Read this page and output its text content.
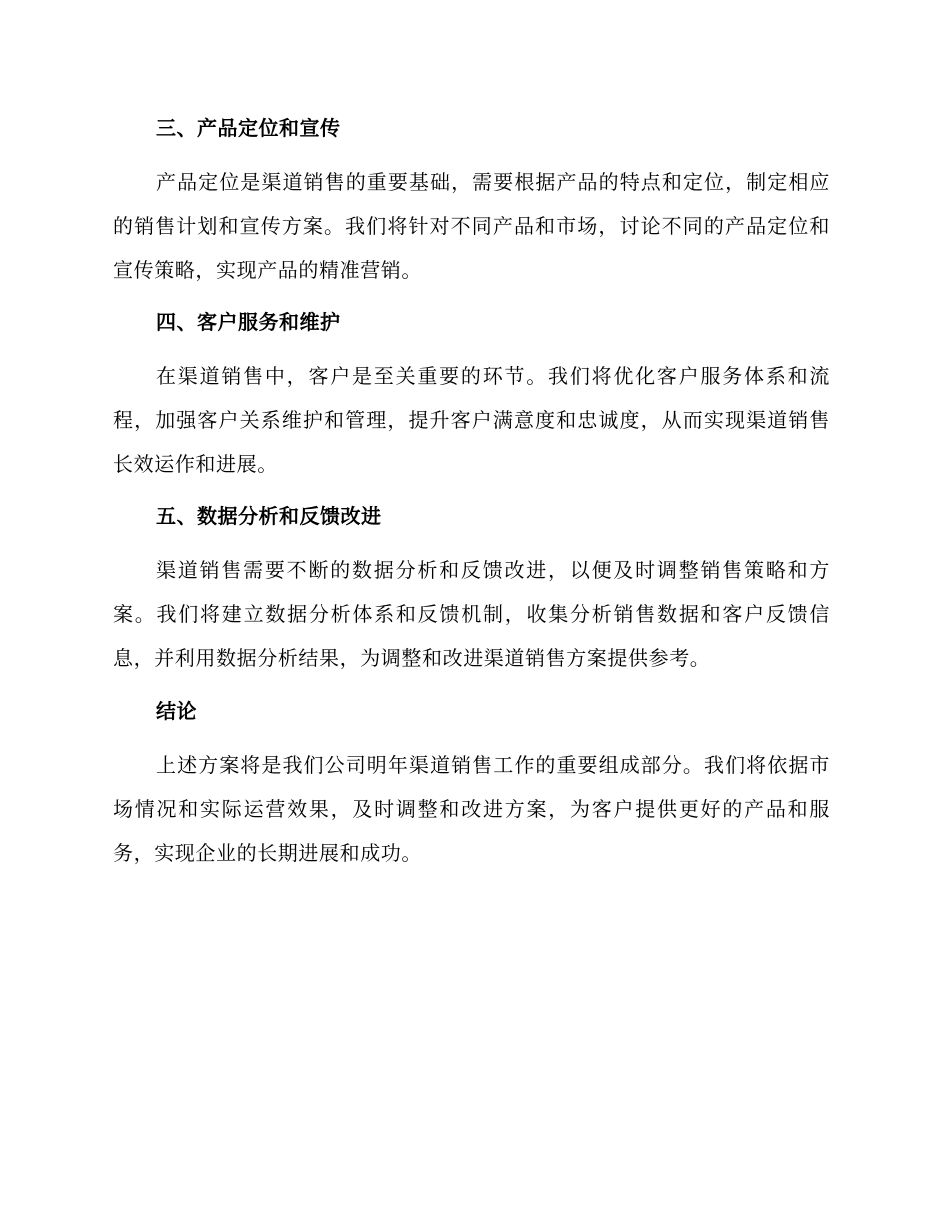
三、产品定位和宣传
产品定位是渠道销售的重要基础，需要根据产品的特点和定位，制定相应的销售计划和宣传方案。我们将针对不同产品和市场，讨论不同的产品定位和宣传策略，实现产品的精准营销。
四、客户服务和维护
在渠道销售中，客户是至关重要的环节。我们将优化客户服务体系和流程，加强客户关系维护和管理，提升客户满意度和忠诚度，从而实现渠道销售长效运作和进展。
五、数据分析和反馈改进
渠道销售需要不断的数据分析和反馈改进，以便及时调整销售策略和方案。我们将建立数据分析体系和反馈机制，收集分析销售数据和客户反馈信息，并利用数据分析结果，为调整和改进渠道销售方案提供参考。
结论
上述方案将是我们公司明年渠道销售工作的重要组成部分。我们将依据市场情况和实际运营效果，及时调整和改进方案，为客户提供更好的产品和服务，实现企业的长期进展和成功。
